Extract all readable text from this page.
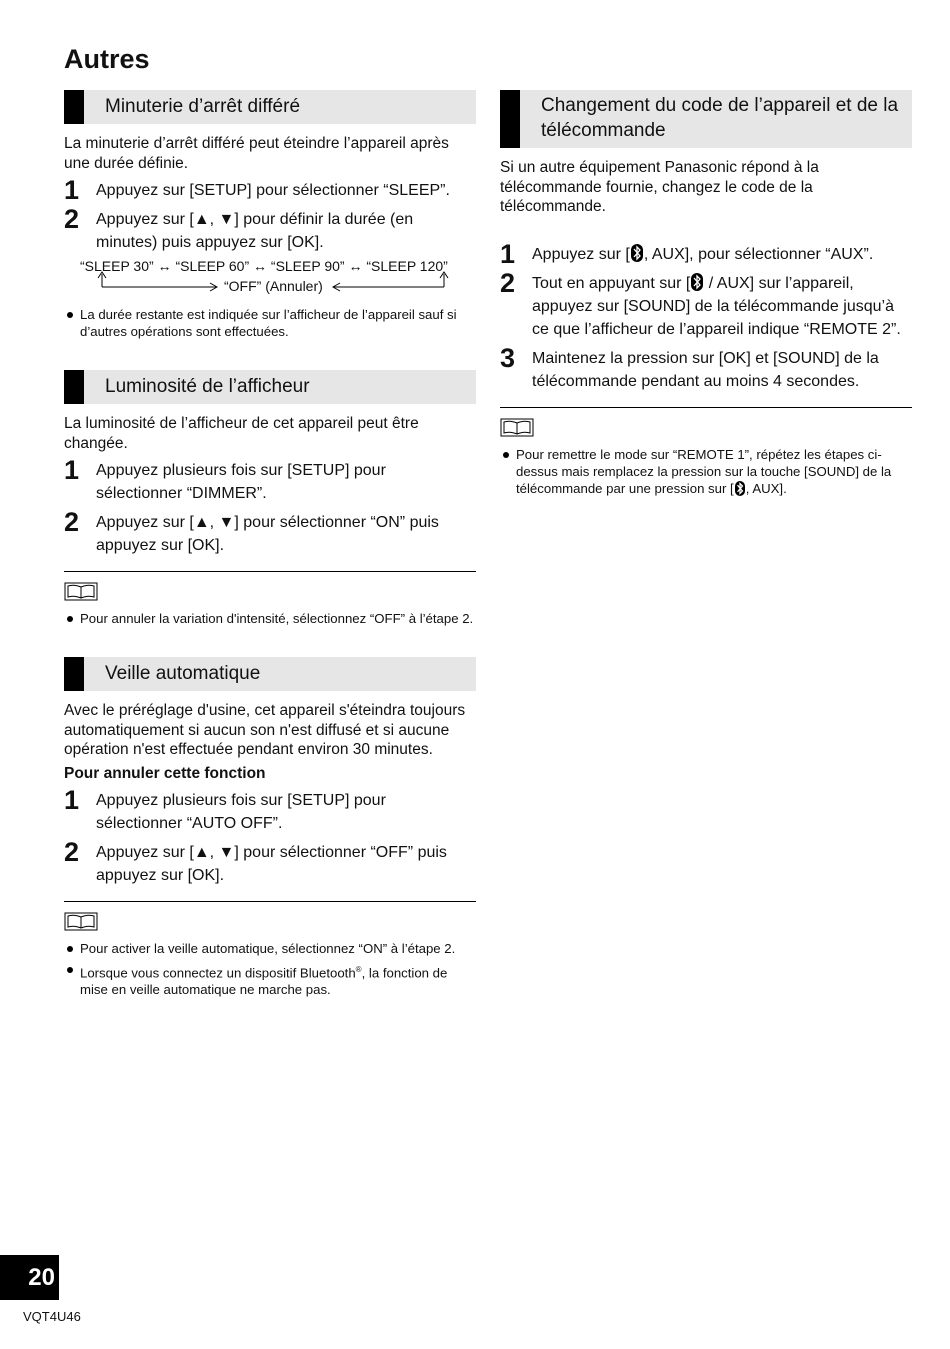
Autres
Minuterie d’arrêt différé
La minuterie d’arrêt différé peut éteindre l’appareil après une durée définie.
1 Appuyez sur [SETUP] pour sélectionner “SLEEP”.
2 Appuyez sur [▲, ▼] pour définir la durée (en minutes) puis appuyez sur [OK].
“SLEEP 30” ↔ “SLEEP 60” ↔ “SLEEP 90” ↔ “SLEEP 120”
“OFF” (Annuler)
La durée restante est indiquée sur l’afficheur de l’appareil sauf si d’autres opérations sont effectuées.
Luminosité de l’afficheur
La luminosité de l’afficheur de cet appareil peut être changée.
1 Appuyez plusieurs fois sur [SETUP] pour sélectionner “DIMMER”.
2 Appuyez sur [▲, ▼] pour sélectionner “ON” puis appuyez sur [OK].
Pour annuler la variation d'intensité, sélectionnez “OFF” à l’étape 2.
Veille automatique
Avec le préréglage d'usine, cet appareil s'éteindra toujours automatiquement si aucun son n'est diffusé et si aucune opération n'est effectuée pendant environ 30 minutes.
Pour annuler cette fonction
1 Appuyez plusieurs fois sur [SETUP] pour sélectionner “AUTO OFF”.
2 Appuyez sur [▲, ▼] pour sélectionner “OFF” puis appuyez sur [OK].
Pour activer la veille automatique, sélectionnez “ON” à l’étape 2.
Lorsque vous connectez un dispositif Bluetooth®, la fonction de mise en veille automatique ne marche pas.
Changement du code de l’appareil et de la télécommande
Si un autre équipement Panasonic répond à la télécommande fournie, changez le code de la télécommande.
1 Appuyez sur [ , AUX], pour sélectionner “AUX”.
2 Tout en appuyant sur [
/ AUX] sur l’appareil, appuyez sur [SOUND] de la télécommande jusqu’à ce que l’afficheur de l’appareil indique “REMOTE 2”.
3 Maintenez la pression sur [OK] et [SOUND] de la télécommande pendant au moins 4 secondes.
Pour remettre le mode sur “REMOTE 1”, répétez les étapes ci-dessus mais remplacez la pression sur la touche [SOUND] de la télécommande par une pression sur [ , AUX].
20
VQT4U46
